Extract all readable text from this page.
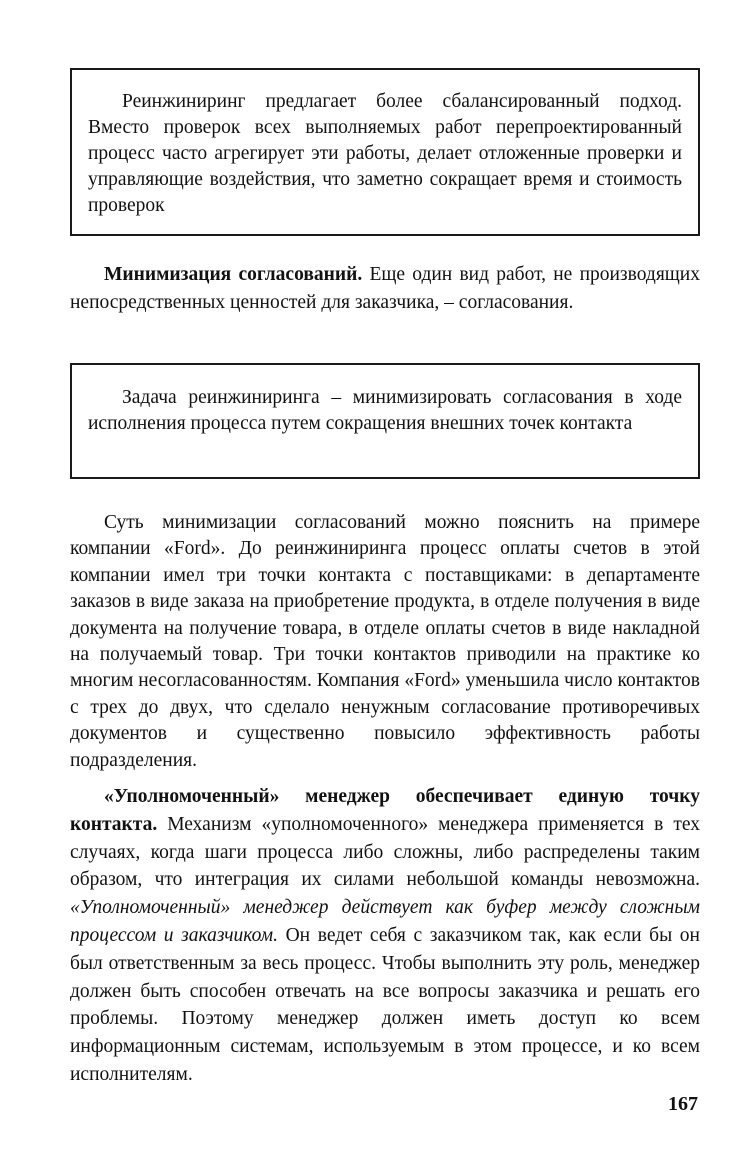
Реинжиниринг предлагает более сбалансированный подход. Вместо проверок всех выполняемых работ перепроектированный процесс часто агрегирует эти работы, делает отложенные проверки и управляющие воздействия, что заметно сокращает время и стоимость проверок

Минимизация согласований. Еще один вид работ, не производящих непосредственных ценностей для заказчика, – согласования.

Задача реинжиниринга – минимизировать согласования в ходе исполнения процесса путем сокращения внешних точек контакта

Суть минимизации согласований можно пояснить на примере компании «Ford». До реинжиниринга процесс оплаты счетов в этой компании имел три точки контакта с поставщиками: в департаменте заказов в виде заказа на приобретение продукта, в отделе получения в виде документа на получение товара, в отделе оплаты счетов в виде накладной на получаемый товар. Три точки контактов приводили на практике ко многим несогласованностям. Компания «Ford» уменьшила число контактов с трех до двух, что сделало ненужным согласование противоречивых документов и существенно повысило эффективность работы подразделения.

«Уполномоченный» менеджер обеспечивает единую точку контакта. Механизм «уполномоченного» менеджера применяется в тех случаях, когда шаги процесса либо сложны, либо распределены таким образом, что интеграция их силами небольшой команды невозможна. «Уполномоченный» менеджер действует как буфер между сложным процессом и заказчиком. Он ведет себя с заказчиком так, как если бы он был ответственным за весь процесс. Чтобы выполнить эту роль, менеджер должен быть способен отвечать на все вопросы заказчика и решать его проблемы. Поэтому менеджер должен иметь доступ ко всем информационным системам, используемым в этом процессе, и ко всем исполнителям.

167
